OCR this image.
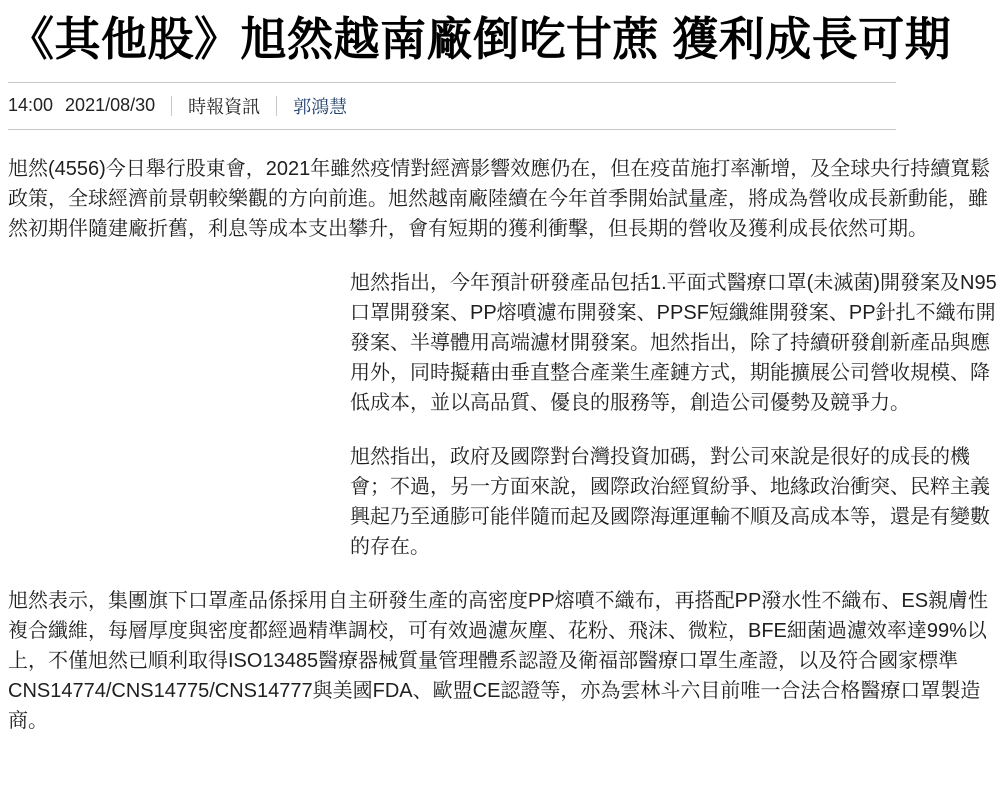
《其他股》旭然越南廠倒吃甘蔗 獲利成長可期
14:00 2021/08/30 時報資訊 郭鴻慧

旭然(4556)今日舉行股東會，2021年雖然疫情對經濟影響效應仍在，但在疫苗施打率漸增，及全球央行持續寬鬆政策，全球經濟前景朝較樂觀的方向前進。旭然越南廠陸續在今年首季開始試量產，將成為營收成長新動能，雖然初期伴隨建廠折舊，利息等成本支出攀升，會有短期的獲利衝擊，但長期的營收及獲利成長依然可期。

旭然指出，今年預計研發產品包括1.平面式醫療口罩(未滅菌)開發案及N95口罩開發案、PP熔噴濾布開發案、PPSF短纖維開發案、PP針扎不織布開發案、半導體用高端濾材開發案。旭然指出，除了持續研發創新產品與應用外，同時擬藉由垂直整合產業生產鏈方式，期能擴展公司營收規模、降低成本，並以高品質、優良的服務等，創造公司優勢及競爭力。

旭然指出，政府及國際對台灣投資加碼，對公司來說是很好的成長的機會；不過，另一方面來說，國際政治經貿紛爭、地緣政治衝突、民粹主義興起乃至通膨可能伴隨而起及國際海運運輸不順及高成本等，還是有變數的存在。

旭然表示，集團旗下口罩產品係採用自主研發生產的高密度PP熔噴不織布，再搭配PP潑水性不織布、ES親膚性複合纖維，每層厚度與密度都經過精準調校，可有效過濾灰塵、花粉、飛沫、微粒，BFE細菌過濾效率達99%以上，不僅旭然已順利取得ISO13485醫療器械質量管理體系認證及衛福部醫療口罩生產證，以及符合國家標準CNS14774/CNS14775/CNS14777與美國FDA、歐盟CE認證等，亦為雲林斗六目前唯一合法合格醫療口罩製造商。
